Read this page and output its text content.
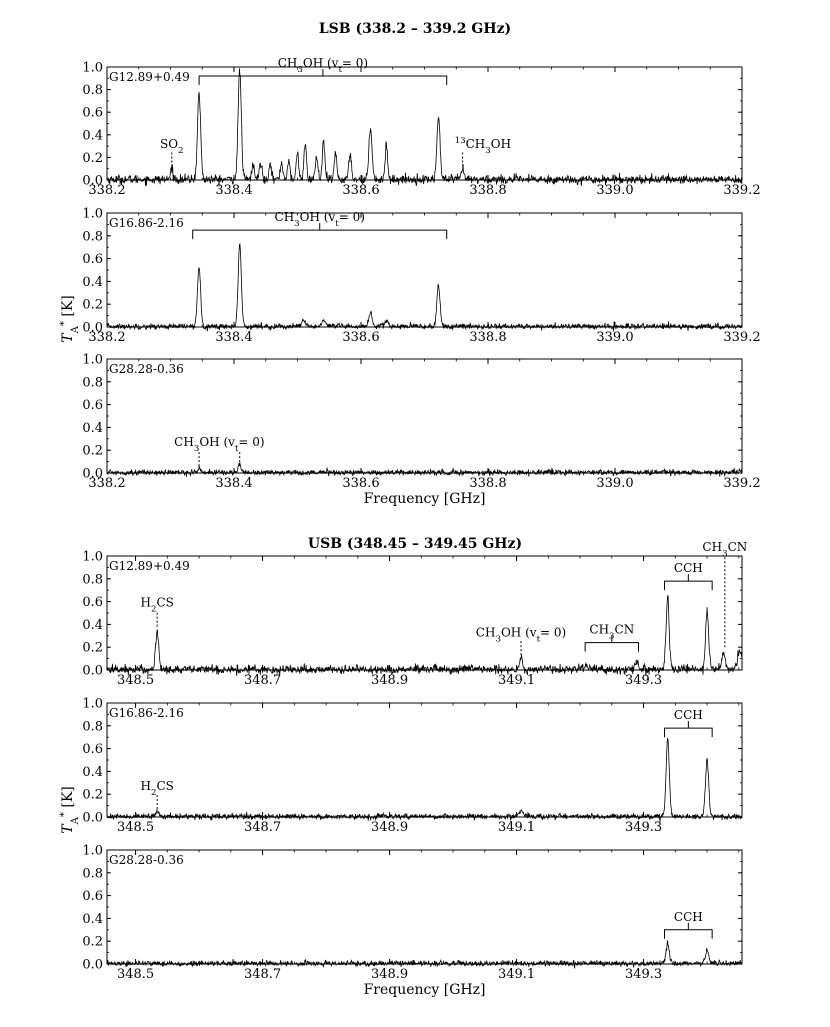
LSB (338.2 – 339.2 GHz)
0.0
0.2
0.4
0.6
0.8
1.0
338.2	338.4	338.6	338.8	339.0	339.2
G12.89+0.49
$CH_3OH$ $(v_t= 0)$
$SO_2$
$^{13}CH_3OH$
0.0
0.2
0.4
0.6
0.8
1.0
338.2	338.4	338.6	338.8	339.0	339.2
G16.86-2.16	$CH_3OH$ $(v_t= 0)$
0.0
0.2
0.4
0.6
0.8
1.0
338.2	338.4	338.6	338.8	339.0	339.2
G28.28-0.36
Frequency [GHz]
$T_A^*$ [K]
$CH_3OH$ $(v_t= 0)$
USB (348.45 – 349.45 GHz)
0.0
0.2
0.4
0.6
0.8
1.0
348.5	348.7	348.9	349.1	349.3
G12.89+0.49
$H_2CS$
$CH_3OH$ $(v_t= 0)$ $CH_3CN$
CCH
$CH_3CN$
0.0
0.2
0.4
0.6
0.8
1.0
348.5	348.7	348.9	349.1	349.3
G16.86-2.16
$H_2CS$
CCH
0.0
0.2
0.4
0.6
0.8
1.0
348.5	348.7	348.9	349.1	349.3
G28.28-0.36
Frequency [GHz]
$T_A^*$ [K]
CCH
